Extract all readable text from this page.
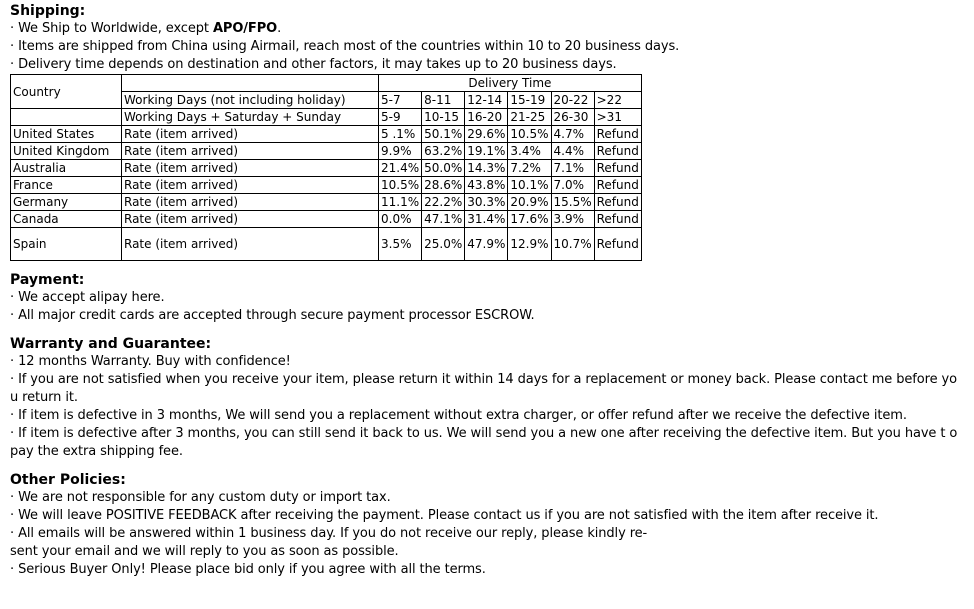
Shipping:
· We Ship to Worldwide, except APO/FPO.
· Items are shipped from China using Airmail, reach most of the countries within 10 to 20 business days.
· Delivery time depends on destination and other factors, it may takes up to 20 business days.
Country		Delivery Time					
	Working Days (not including holiday)	5-7	8-11	12-14	15-19	20-22	>22
	Working Days + Saturday + Sunday	5-9	10-15	16-20	21-25	26-30	>31
United States	Rate (item arrived)	5 .1%	50.1%	29.6%	10.5%	4.7%	Refund
United Kingdom	Rate (item arrived)	9.9%	63.2%	19.1%	3.4%	4.4%	Refund
Australia	Rate (item arrived)	21.4%	50.0%	14.3%	7.2%	7.1%	Refund
France	Rate (item arrived)	10.5%	28.6%	43.8%	10.1%	7.0%	Refund
Germany	Rate (item arrived)	11.1%	22.2%	30.3%	20.9%	15.5%	Refund
Canada	Rate (item arrived)	0.0%	47.1%	31.4%	17.6%	3.9%	Refund
Spain	Rate (item arrived)	3.5%	25.0%	47.9%	12.9%	10.7%	Refund
Payment:
· We accept alipay here.
· All major credit cards are accepted through secure payment processor ESCROW.
Warranty and Guarantee:
· 12 months Warranty. Buy with confidence!
· If you are not satisfied when you receive your item, please return it within 14 days for a replacement or money back. Please contact me before yo u return it.
· If item is defective in 3 months, We will send you a replacement without extra charger, or offer refund after we receive the defective item.
· If item is defective after 3 months, you can still send it back to us. We will send you a new one after receiving the defective item. But you have t o pay the extra shipping fee.
Other Policies:
· We are not responsible for any custom duty or import tax.
· We will leave POSITIVE FEEDBACK after receiving the payment. Please contact us if you are not satisfied with the item after receive it.
· All emails will be answered within 1 business day. If you do not receive our reply, please kindly re-
sent your email and we will reply to you as soon as possible.
· Serious Buyer Only! Please place bid only if you agree with all the terms.
